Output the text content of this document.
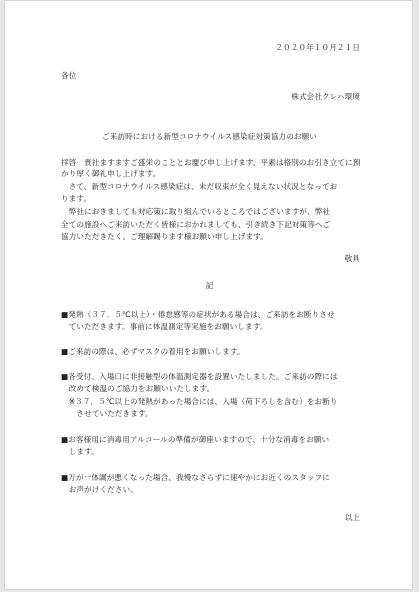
２０２０年１０月２１日
各位
株式会社クレハ環境
ご来訪時における新型コロナウイルス感染症対策協力のお願い
拝啓　貴社ますますご盛栄のこととお慶び申し上げます。平素は格別のお引き立てに預
かり厚く御礼申し上げます。
　さて、新型コロナウイルス感染症は、未だ収束が全く見えない状況となってお
ります。
　弊社におきましても対応策に取り組んでいるところではございますが、弊社
全ての施設へご来訪いただく皆様におかれましても、引き続き下記対策等へご
協力いただきたく、ご理解賜ります様お願い申し上げます。
敬具
記
■発熱（３７．５℃以上）・倦怠感等の症状がある場合は、ご来訪をお断りさせ
　ていただきます。事前に体温測定等実施をお願いします。
■ご来訪の際は、必ずマスクの着用をお願いします。
■各受付、入場口に非接触型の体温測定器を設置いたしました。ご来訪の際には
　改めて検温のご協力をお願いいたします。
　※３７．５℃以上の発熱があった場合には、入場（荷下ろしを含む）をお断り
　　させていただきます。
■お客様用に消毒用アルコールの準備が御座いますので、十分な消毒をお願い
　します。
■万が一体調が悪くなった場合、我慢なさらずに速やかにお近くのスタッフに
　お声がけください。
以上
